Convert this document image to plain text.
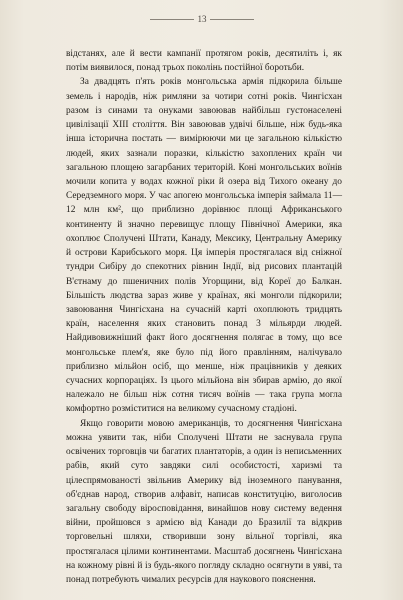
13

відстанях, але й вести кампанії протягом років, десятиліть і, як потім виявилося, понад трьох поколінь постійної боротьби.

За двадцять п'ять років монгольська армія підкорила більше земель і народів, ніж римляни за чотири сотні років. Чингісхан разом із синами та онуками завоював найбільш густонаселені цивілізації XIII століття. Він завоював удвічі більше, ніж будь-яка інша історична постать — вимірюючи ми це загальною кількістю людей, яких зазнали поразки, кількістю захоплених країн чи загальною площею загарбаних територій. Коні монгольських воїнів мочили копита у водах кожної ріки й озера від Тихого океану до Середземного моря. У час апогею монгольська імперія займала 11—12 млн км², що приблизно дорівнює площі Африканського континенту й значно перевищує площу Північної Америки, яка охоплює Сполучені Штати, Канаду, Мексику, Центральну Америку й острови Карибського моря. Ця імперія простягалася від сніжної тундри Сибіру до спекотних рівнин Індії, від рисових плантацій В'єтнаму до пшеничних полів Угорщини, від Кореї до Балкан. Більшість людства зараз живе у країнах, які монголи підкорили; завоювання Чингісхана на сучасній карті охоплюють тридцять країн, населення яких становить понад 3 мільярди людей. Найдивовижніший факт його досягнення полягає в тому, що все монгольське плем'я, яке було під його правлінням, налічувало приблизно мільйон осіб, що менше, ніж працівників у деяких сучасних корпораціях. Із цього мільйона він збирав армію, до якої належало не більш ніж сотня тисяч воїнів — така група могла комфортно розміститися на великому сучасному стадіоні.

Якщо говорити мовою американців, то досягнення Чингісхана можна уявити так, ніби Сполучені Штати не заснувала група освічених торговців чи багатих плантаторів, а один із неписьменних рабів, який суто завдяки силі особистості, харизмі та цілеспрямованості звільнив Америку від іноземного панування, об'єднав народ, створив алфавіт, написав конституцію, виголосив загальну свободу віросповідання, винайшов нову систему ведення війни, пройшовся з армією від Канади до Бразилії та відкрив торговельні шляхи, створивши зону вільної торгівлі, яка простягалася цілими континентами. Масштаб досягнень Чингісхана на кожному рівні й із будь-якого погляду складно осягнути в уяві, та понад потребують чималих ресурсів для наукового пояснення.
